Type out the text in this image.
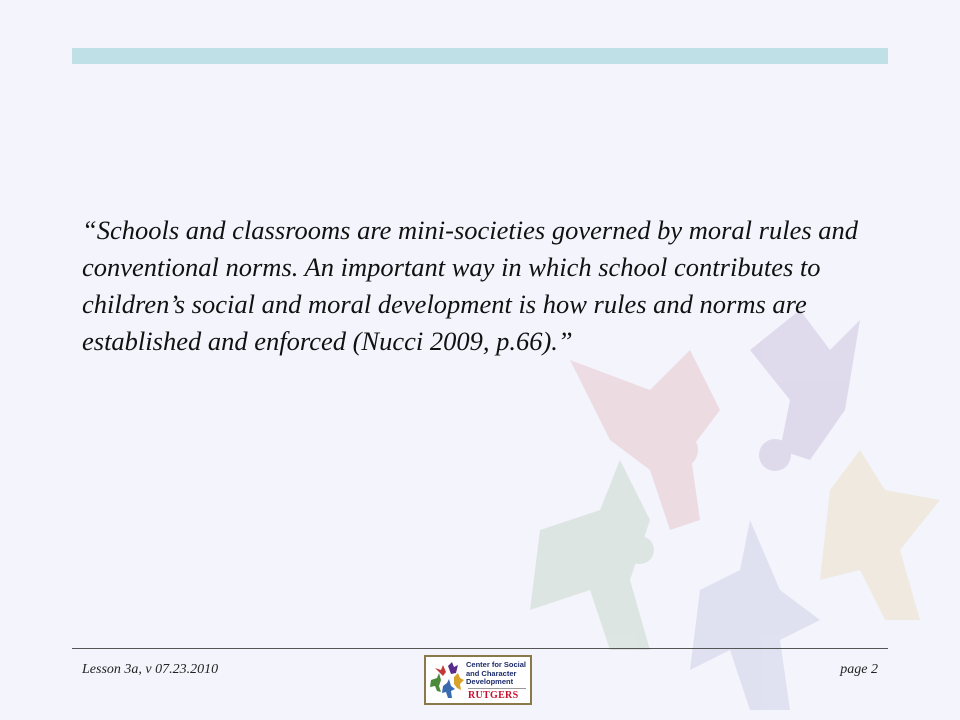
“Schools and classrooms are mini-societies governed by moral rules and conventional norms. An important way in which school contributes to children’s social and moral development is how rules and norms are established and enforced (Nucci 2009, p.66).”

Lesson 3a, v 07.23.2010	Center for Social
and Character
Development
RUTGERS
page 2
